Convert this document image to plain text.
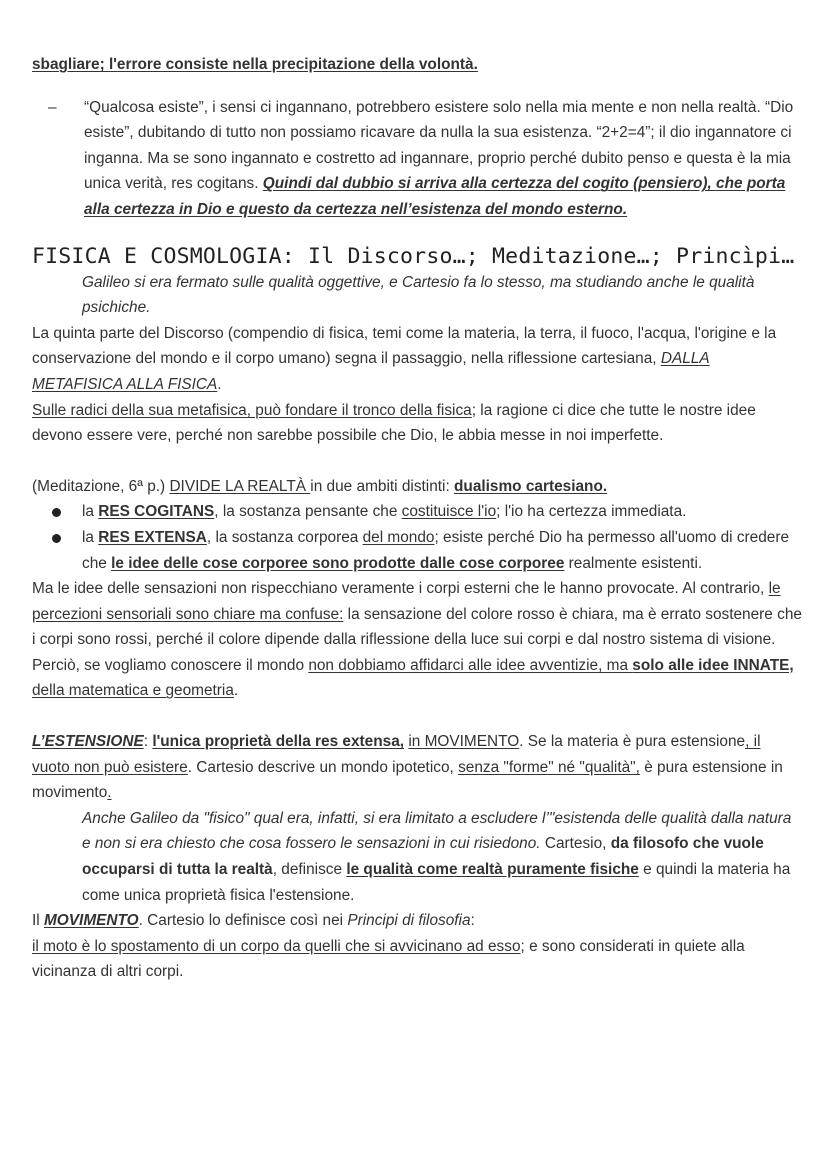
sbagliare; l'errore consiste nella precipitazione della volontà.

– “Qualcosa esiste”, i sensi ci ingannano, potrebbero esistere solo nella mia mente e non nella realtà. “Dio esiste”, dubitando di tutto non possiamo ricavare da nulla la sua esistenza. “2+2=4”; il dio ingannatore ci inganna. Ma se sono ingannato e costretto ad ingannare, proprio perché dubito penso e questa è la mia unica verità, res cogitans. Quindi dal dubbio si arriva alla certezza del cogito (pensiero), che porta alla certezza in Dio e questo da certezza nell’esistenza del mondo esterno.
FISICA E COSMOLOGIA: Il Discorso…; Meditazione…; Princìpi…

Galileo si era fermato sulle qualità oggettive, e Cartesio fa lo stesso, ma studiando anche le qualità psichiche.

La quinta parte del Discorso (compendio di fisica, temi come la materia, la terra, il fuoco, l'acqua, l'origine e la conservazione del mondo e il corpo umano) segna il passaggio, nella riflessione cartesiana, DALLA METAFISICA ALLA FISICA.

Sulle radici della sua metafisica, può fondare il tronco della fisica; la ragione ci dice che tutte le nostre idee devono essere vere, perché non sarebbe possibile che Dio, le abbia messe in noi imperfette.

(Meditazione, 6ª p.) DIVIDE LA REALTÀ in due ambiti distinti: dualismo cartesiano.

la RES COGITANS, la sostanza pensante che costituisce l'io; l'io ha certezza immediata.
la RES EXTENSA, la sostanza corporea del mondo; esiste perché Dio ha permesso all'uomo di credere che le idee delle cose corporee sono prodotte dalle cose corporee realmente esistenti.

Ma le idee delle sensazioni non rispecchiano veramente i corpi esterni che le hanno provocate. Al contrario, le percezioni sensoriali sono chiare ma confuse: la sensazione del colore rosso è chiara, ma è errato sostenere che i corpi sono rossi, perché il colore dipende dalla riflessione della luce sui corpi e dal nostro sistema di visione. Perciò, se vogliamo conoscere il mondo non dobbiamo affidarci alle idee avventizie, ma solo alle idee INNATE, della matematica e geometria.

L’ESTENSIONE: l'unica proprietà della res extensa, in MOVIMENTO. Se la materia è pura estensione, il vuoto non può esistere. Cartesio descrive un mondo ipotetico, senza "forme" né "qualità", è pura estensione in movimento.

Anche Galileo da "fisico" qual era, infatti, si era limitato a escludere l’"esistenda delle qualità dalla natura e non si era chiesto che cosa fossero le sensazioni in cui risiedono. Cartesio, da filosofo che vuole occuparsi di tutta la realtà, definisce le qualità come realtà puramente fisiche e quindi la materia ha come unica proprietà fisica l'estensione.

Il MOVIMENTO. Cartesio lo definisce così nei Principi di filosofia:

il moto è lo spostamento di un corpo da quelli che si avvicinano ad esso; e sono considerati in quiete alla vicinanza di altri corpi.
